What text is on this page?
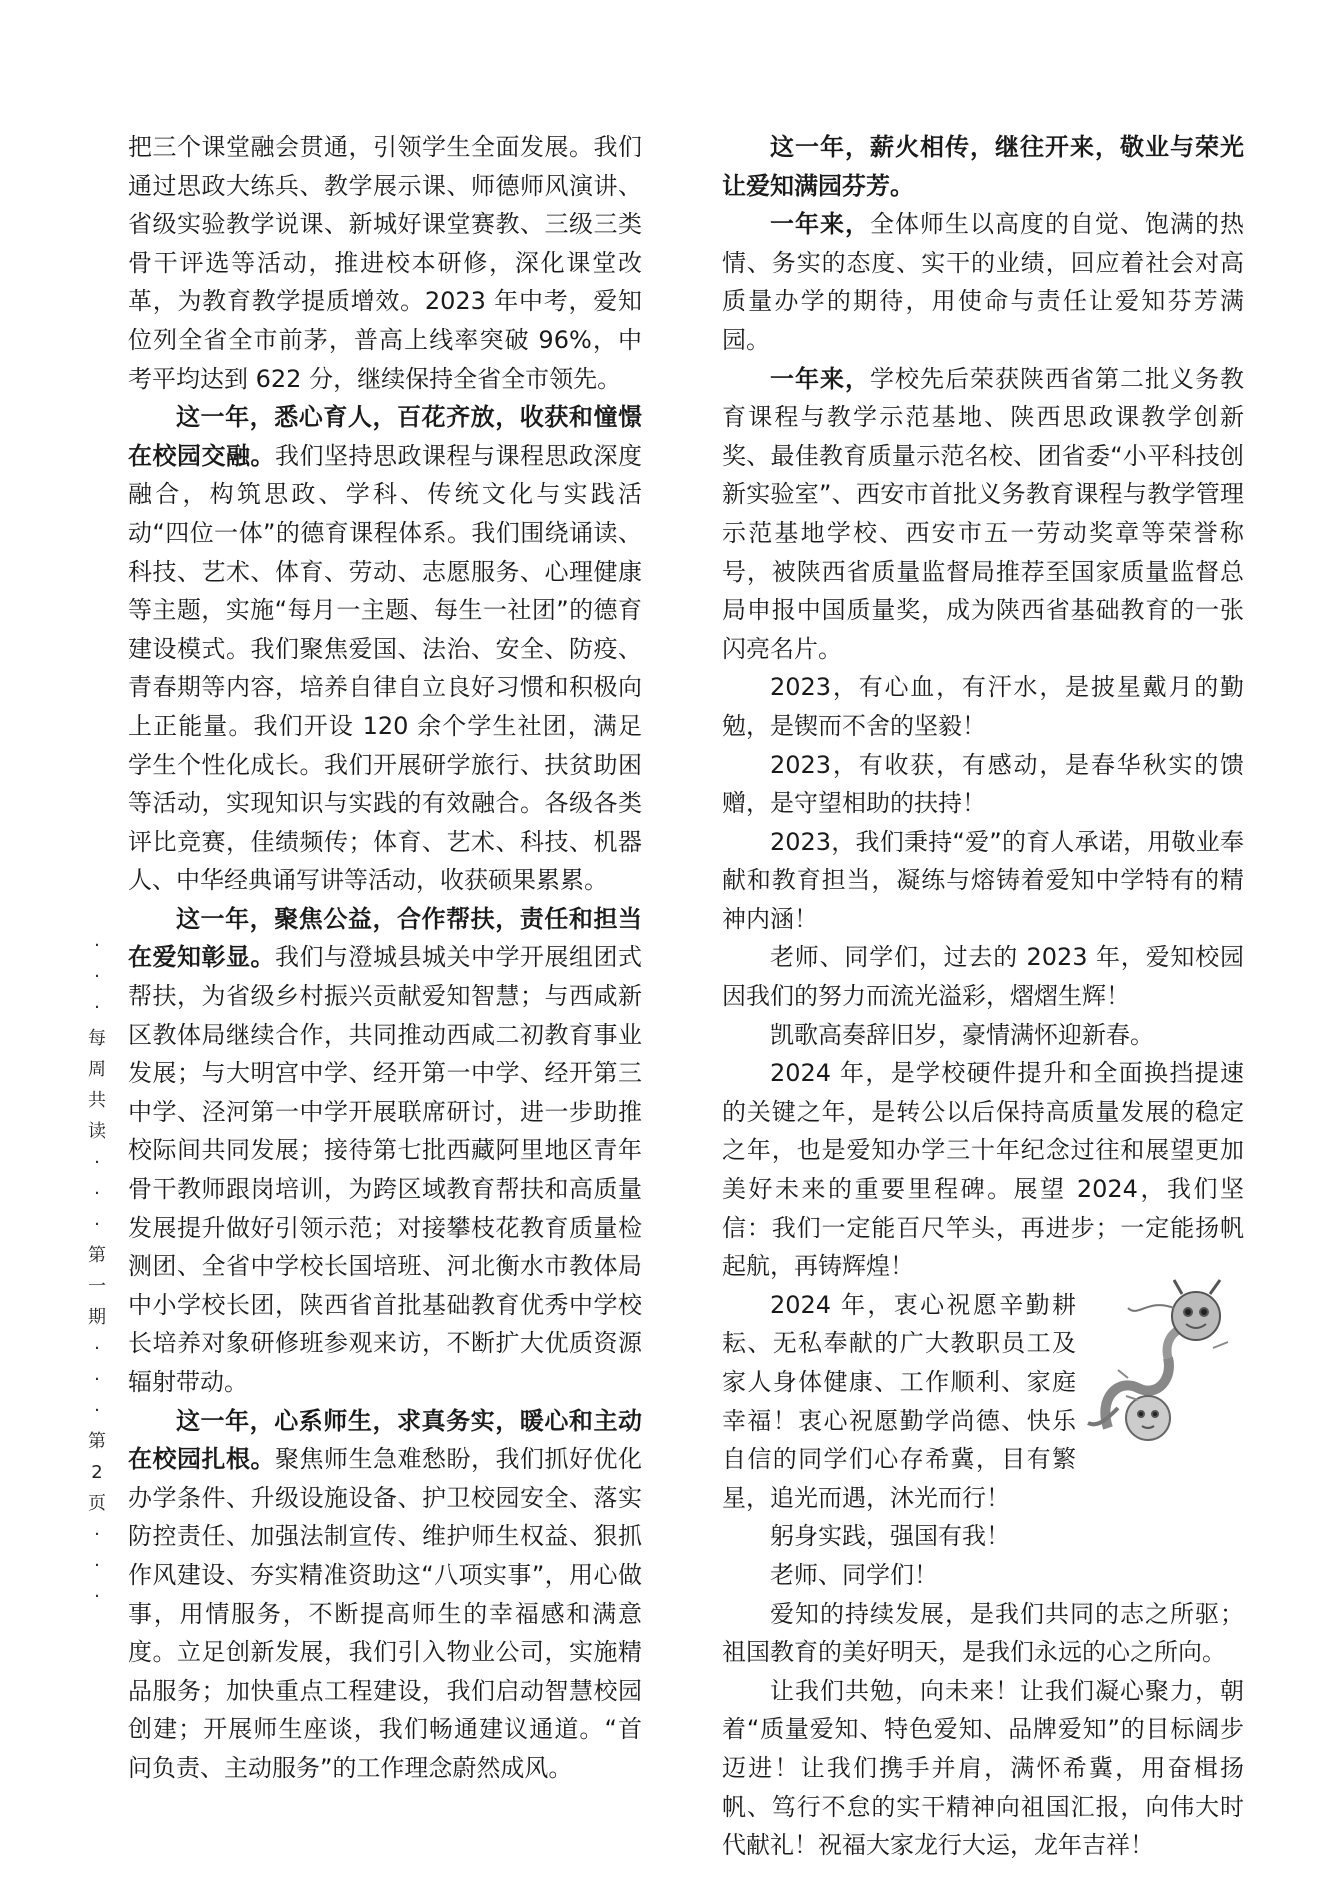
把三个课堂融会贯通，引领学生全面发展。我们通过思政大练兵、教学展示课、师德师风演讲、省级实验教学说课、新城好课堂赛教、三级三类骨干评选等活动，推进校本研修，深化课堂改革，为教育教学提质增效。2023 年中考，爱知位列全省全市前茅，普高上线率突破 96%，中考平均达到 622 分，继续保持全省全市领先。

这一年，悉心育人，百花齐放，收获和憧憬在校园交融。我们坚持思政课程与课程思政深度融合，构筑思政、学科、传统文化与实践活动“四位一体”的德育课程体系。我们围绕诵读、科技、艺术、体育、劳动、志愿服务、心理健康等主题，实施“每月一主题、每生一社团”的德育建设模式。我们聚焦爱国、法治、安全、防疫、青春期等内容，培养自律自立良好习惯和积极向上正能量。我们开设 120 余个学生社团，满足学生个性化成长。我们开展研学旅行、扶贫助困等活动，实现知识与实践的有效融合。各级各类评比竞赛，佳绩频传；体育、艺术、科技、机器人、中华经典诵写讲等活动，收获硕果累累。

这一年，聚焦公益，合作帮扶，责任和担当在爱知彰显。我们与澄城县城关中学开展组团式帮扶，为省级乡村振兴贡献爱知智慧；与西咸新区教体局继续合作，共同推动西咸二初教育事业发展；与大明宫中学、经开第一中学、经开第三中学、泾河第一中学开展联席研讨，进一步助推校际间共同发展；接待第七批西藏阿里地区青年骨干教师跟岗培训，为跨区域教育帮扶和高质量发展提升做好引领示范；对接攀枝花教育质量检测团、全省中学校长国培班、河北衡水市教体局中小学校长团，陕西省首批基础教育优秀中学校长培养对象研修班参观来访，不断扩大优质资源辐射带动。

这一年，心系师生，求真务实，暖心和主动在校园扎根。聚焦师生急难愁盼，我们抓好优化办学条件、升级设施设备、护卫校园安全、落实防控责任、加强法制宣传、维护师生权益、狠抓作风建设、夯实精准资助这“八项实事”，用心做事，用情服务，不断提高师生的幸福感和满意度。立足创新发展，我们引入物业公司，实施精品服务；加快重点工程建设，我们启动智慧校园创建；开展师生座谈，我们畅通建议通道。“首问负责、主动服务”的工作理念蔚然成风。

·
·
·
每
周
共
读
·
·
·
第
一
期
·
·
·
第
2
页
·
·
·

这一年，薪火相传，继往开来，敬业与荣光让爱知满园芬芳。

一年来，全体师生以高度的自觉、饱满的热情、务实的态度、实干的业绩，回应着社会对高质量办学的期待，用使命与责任让爱知芬芳满园。

一年来，学校先后荣获陕西省第二批义务教育课程与教学示范基地、陕西思政课教学创新奖、最佳教育质量示范名校、团省委“小平科技创新实验室”、西安市首批义务教育课程与教学管理示范基地学校、西安市五一劳动奖章等荣誉称号，被陕西省质量监督局推荐至国家质量监督总局申报中国质量奖，成为陕西省基础教育的一张闪亮名片。

2023，有心血，有汗水，是披星戴月的勤勉，是锲而不舍的坚毅！

2023，有收获，有感动，是春华秋实的馈赠，是守望相助的扶持！

2023，我们秉持“爱”的育人承诺，用敬业奉献和教育担当，凝练与熔铸着爱知中学特有的精神内涵！

老师、同学们，过去的 2023 年，爱知校园因我们的努力而流光溢彩，熠熠生辉！

凯歌高奏辞旧岁，豪情满怀迎新春。

2024 年，是学校硬件提升和全面换挡提速的关键之年，是转公以后保持高质量发展的稳定之年，也是爱知办学三十年纪念过往和展望更加美好未来的重要里程碑。展望 2024，我们坚信：我们一定能百尺竿头，再进步；一定能扬帆起航，再铸辉煌！

2024 年，衷心祝愿辛勤耕耘、无私奉献的广大教职员工及家人身体健康、工作顺利、家庭幸福！衷心祝愿勤学尚德、快乐自信的同学们心存希冀，目有繁星，追光而遇，沐光而行！

躬身实践，强国有我！

老师、同学们！

爱知的持续发展，是我们共同的志之所驱；祖国教育的美好明天，是我们永远的心之所向。

让我们共勉，向未来！让我们凝心聚力，朝着“质量爱知、特色爱知、品牌爱知”的目标阔步迈进！让我们携手并肩，满怀希冀，用奋楫扬帆、笃行不怠的实干精神向祖国汇报，向伟大时代献礼！祝福大家龙行大运，龙年吉祥！
